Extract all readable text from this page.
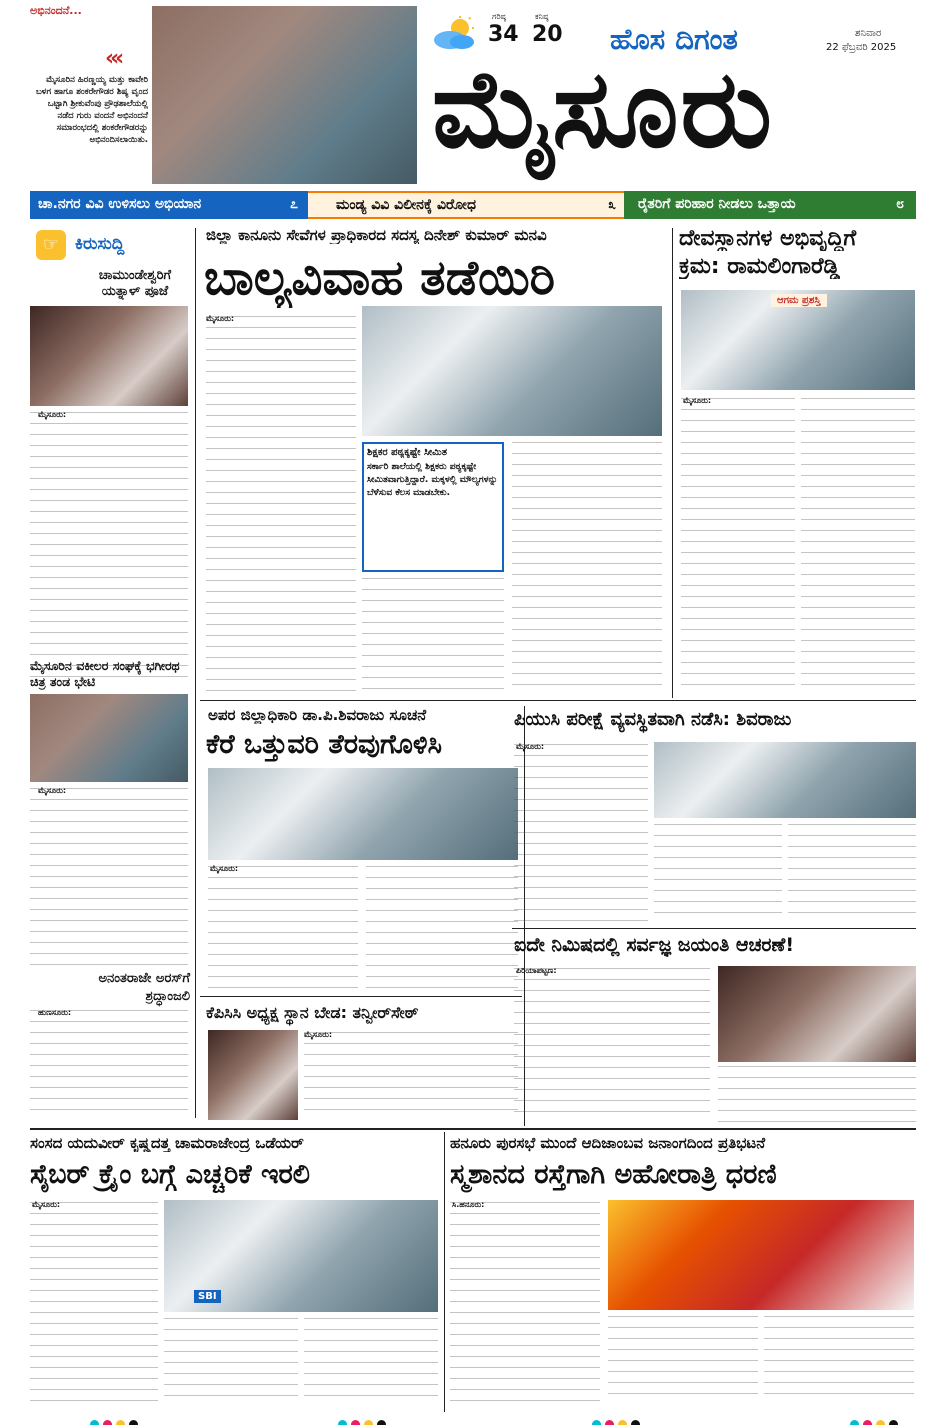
ಅಭಿನಂದನೆ...
‹‹‹
ಮೈಸೂರಿನ ಹಿರಣ್ಣಯ್ಯ ಮತ್ತು ಕಾವೇರಿ ಬಳಗ ಹಾಗೂ ಶಂಕರೇಗೌಡರ ಶಿಷ್ಯ ವೃಂದ ಒಟ್ಟಾಗಿ ಶ್ರೀಕುವೆಂಪು ಪ್ರೌಢಶಾಲೆಯಲ್ಲಿ ನಡೆದ ಗುರು ವಂದನೆ ಅಭಿನಂದನೆ ಸಮಾರಂಭದಲ್ಲಿ ಶಂಕರೇಗೌಡರನ್ನು ಅಭಿನಂದಿಸಲಾಯಿತು.
ಗರಿಷ್ಠ
34
ಕನಿಷ್ಠ
20 ಹೊಸ ದಿಗಂತ	ಶನಿವಾರ
22 ಫೆಬ್ರವರಿ 2025
ಮೈಸೂರು
ಚಾ.ನಗರ ವಿವಿ ಉಳಿಸಲು ಅಭಿಯಾನ	೭	ಮಂಡ್ಯ ವಿವಿ ವಿಲೀನಕ್ಕೆ ವಿರೋಧ	೩ ರೈತರಿಗೆ ಪರಿಹಾರ ನೀಡಲು ಒತ್ತಾಯ	೮
☞ ಕಿರುಸುದ್ದಿ
ಚಾಮುಂಡೇಶ್ವರಿಗೆ ಯತ್ನಾಳ್ ಪೂಜೆ
ಮೈಸೂರು:
ಮೈಸೂರಿನ ವಕೀಲರ ಸಂಘಕ್ಕೆ ಭಗೀರಥ ಚಿತ್ರ ತಂಡ ಭೇಟಿ
ಮೈಸೂರು:
ಅನಂತರಾಜೇ ಅರಸ್‌ಗೆ ಶ್ರದ್ಧಾಂಜಲಿ
ಹುಣಸೂರು:
ಜಿಲ್ಲಾ ಕಾನೂನು ಸೇವೆಗಳ ಪ್ರಾಧಿಕಾರದ ಸದಸ್ಯ ದಿನೇಶ್ ಕುಮಾರ್ ಮನವಿ
ಬಾಲ್ಯವಿವಾಹ ತಡೆಯಿರಿ
ಮೈಸೂರು:
ಶಿಕ್ಷಕರ ಪಠ್ಯಕ್ಕಷ್ಟೇ ಸೀಮಿತ
ಸರ್ಕಾರಿ ಶಾಲೆಯಲ್ಲಿ ಶಿಕ್ಷಕರು ಪಠ್ಯಕ್ಕಷ್ಟೇ ಸೀಮಿತವಾಗುತ್ತಿದ್ದಾರೆ. ಮಕ್ಕಳಲ್ಲಿ ಮೌಲ್ಯಗಳನ್ನು ಬೆಳೆಸುವ ಕೆಲಸ ಮಾಡಬೇಕು.
ದೇವಸ್ಥಾನಗಳ ಅಭಿವೃದ್ಧಿಗೆ
ಕ್ರಮ: ರಾಮಲಿಂಗಾರೆಡ್ಡಿ
ಆಗಮ ಪ್ರಶಸ್ತಿ
ಮೈಸೂರು:
ಅಪರ ಜಿಲ್ಲಾಧಿಕಾರಿ ಡಾ.ಪಿ.ಶಿವರಾಜು ಸೂಚನೆ
ಕೆರೆ ಒತ್ತುವರಿ ತೆರವುಗೊಳಿಸಿ
ಮೈಸೂರು:
ಪಿಯುಸಿ ಪರೀಕ್ಷೆ ವ್ಯವಸ್ಥಿತವಾಗಿ ನಡೆಸಿ: ಶಿವರಾಜು
ಮೈಸೂರು:
ಐದೇ ನಿಮಿಷದಲ್ಲಿ ಸರ್ವಜ್ಞ ಜಯಂತಿ ಆಚರಣೆ!
ಪಿರಿಯಾಪಟ್ಟಣ:
ಕೆಪಿಸಿಸಿ ಅಧ್ಯಕ್ಷ ಸ್ಥಾನ ಬೇಡ: ತನ್ವೀರ್‌ಸೇಠ್
ಮೈಸೂರು:
ಸಂಸದ ಯದುವೀರ್ ಕೃಷ್ಣದತ್ತ ಚಾಮರಾಜೇಂದ್ರ ಒಡೆಯರ್
ಸೈಬರ್ ಕ್ರೈಂ ಬಗ್ಗೆ ಎಚ್ಚರಿಕೆ ಇರಲಿ
ಮೈಸೂರು:
SBI
ಹನೂರು ಪುರಸಭೆ ಮುಂದೆ ಆದಿಜಾಂಬವ ಜನಾಂಗದಿಂದ ಪ್ರತಿಭಟನೆ
ಸ್ಮಶಾನದ ರಸ್ತೆಗಾಗಿ ಅಹೋರಾತ್ರಿ ಧರಣಿ
ಸಿ.ಹನೂರು:
